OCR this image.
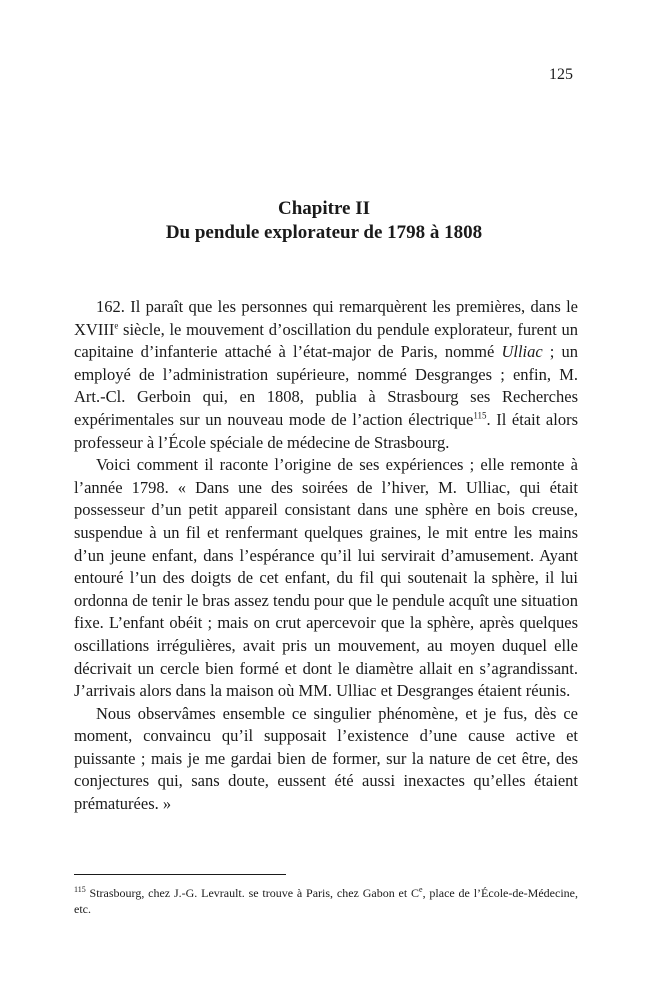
125
Chapitre II
Du pendule explorateur de 1798 à 1808

162. Il paraît que les personnes qui remarquèrent les premières, dans le XVIIIe siècle, le mouvement d’oscillation du pendule explorateur, furent un capitaine d’infanterie attaché à l’état-major de Paris, nommé Ulliac ; un employé de l’administration supérieure, nommé Desgranges ; enfin, M. Art.-Cl. Gerboin qui, en 1808, publia à Strasbourg ses Recherches expérimentales sur un nouveau mode de l’action électrique$^{115}$. Il était alors professeur à l’École spéciale de médecine de Strasbourg.

Voici comment il raconte l’origine de ses expériences ; elle remonte à l’année 1798. « Dans une des soirées de l’hiver, M. Ulliac, qui était possesseur d’un petit appareil consistant dans une sphère en bois creuse, suspendue à un fil et renfermant quelques graines, le mit entre les mains d’un jeune enfant, dans l’espérance qu’il lui servirait d’amusement. Ayant entouré l’un des doigts de cet enfant, du fil qui soutenait la sphère, il lui ordonna de tenir le bras assez tendu pour que le pendule acquît une situation fixe. L’enfant obéit ; mais on crut apercevoir que la sphère, après quelques oscillations irrégulières, avait pris un mouvement, au moyen duquel elle décrivait un cercle bien formé et dont le diamètre allait en s’agrandissant. J’arrivais alors dans la maison où MM. Ulliac et Desgranges étaient réunis.

Nous observâmes ensemble ce singulier phénomène, et je fus, dès ce moment, convaincu qu’il supposait l’existence d’une cause active et puissante ; mais je me gardai bien de former, sur la nature de cet être, des conjectures qui, sans doute, eussent été aussi inexactes qu’elles étaient prématurées. »

$^{115}$ Strasbourg, chez J.-G. Levrault. se trouve à Paris, chez Gabon et Ce, place de l’École-de-Médecine, etc.
